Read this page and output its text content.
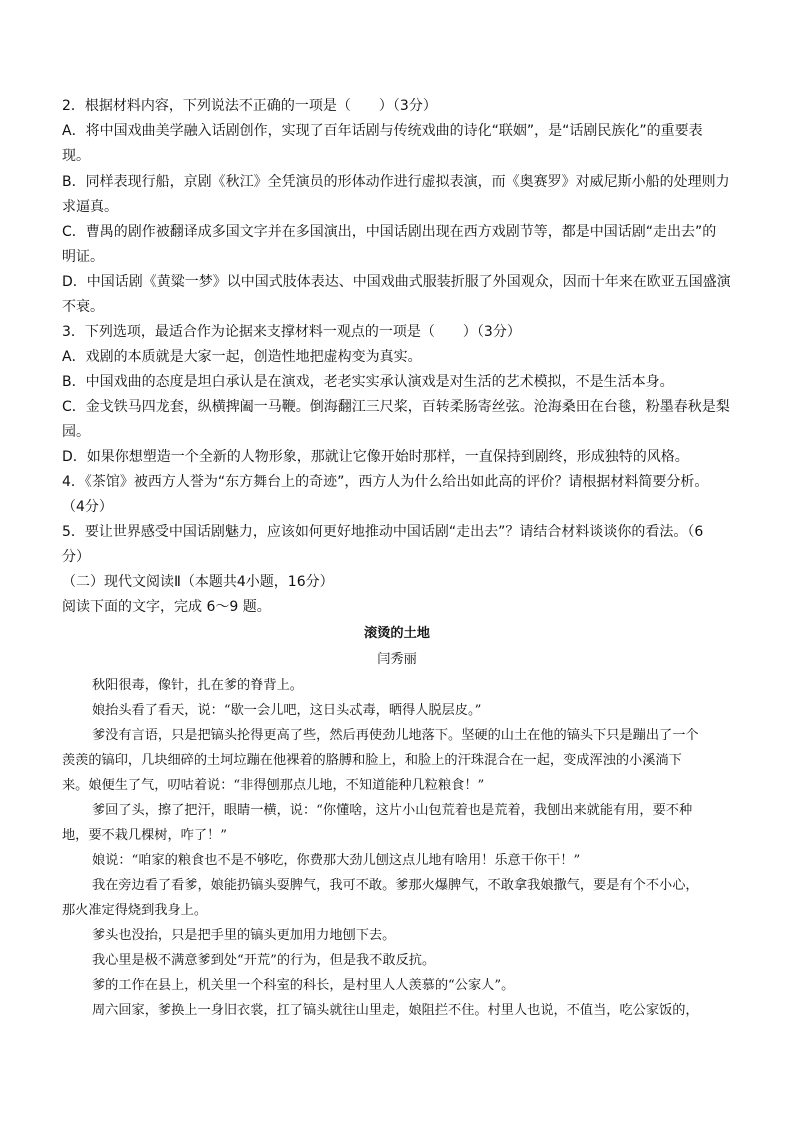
2．根据材料内容，下列说法不正确的一项是（　　）（3分）
A．将中国戏曲美学融入话剧创作，实现了百年话剧与传统戏曲的诗化“联姻”，是“话剧民族化”的重要表
现。
B．同样表现行船，京剧《秋江》全凭演员的形体动作进行虚拟表演，而《奥赛罗》对威尼斯小船的处理则力
求逼真。
C．曹禺的剧作被翻译成多国文字并在多国演出，中国话剧出现在西方戏剧节等，都是中国话剧“走出去”的
明证。
D．中国话剧《黄粱一梦》以中国式肢体表达、中国戏曲式服装折服了外国观众，因而十年来在欧亚五国盛演
不衰。
3．下列选项，最适合作为论据来支撑材料一观点的一项是（　　）（3分）
A．戏剧的本质就是大家一起，创造性地把虚构变为真实。
B．中国戏曲的态度是坦白承认是在演戏，老老实实承认演戏是对生活的艺术模拟，不是生活本身。
C．金戈铁马四龙套，纵横捭阖一马鞭。倒海翻江三尺桨，百转柔肠寄丝弦。沧海桑田在台毯，粉墨春秋是梨
园。
D．如果你想塑造一个全新的人物形象，那就让它像开始时那样，一直保持到剧终，形成独特的风格。
4．《茶馆》被西方人誉为“东方舞台上的奇迹”，西方人为什么给出如此高的评价？请根据材料简要分析。
（4分）
5．要让世界感受中国话剧魅力，应该如何更好地推动中国话剧“走出去”？请结合材料谈谈你的看法。（6
分）
（二）现代文阅读Ⅱ（本题共4小题，16分）
阅读下面的文字，完成 6～9 题。
滚烫的土地
闫秀丽
秋阳很毒，像针，扎在爹的脊背上。
娘抬头看了看天，说：“歇一会儿吧，这日头忒毒，晒得人脱层皮。”
爹没有言语，只是把镐头抡得更高了些，然后再使劲儿地落下。坚硬的山土在他的镐头下只是蹦出了一个
羡羡的镐印，几块细碎的土坷垃蹦在他裸着的胳膊和脸上，和脸上的汗珠混合在一起，变成浑浊的小溪淌下
来。娘便生了气，叨咕着说：“非得刨那点儿地，不知道能种几粒粮食！”
爹回了头，擦了把汗，眼睛一横，说：“你懂啥，这片小山包荒着也是荒着，我刨出来就能有用，要不种
地，要不栽几棵树，咋了！”
娘说：“咱家的粮食也不是不够吃，你费那大劲儿刨这点儿地有啥用！乐意干你干！”
我在旁边看了看爹，娘能扔镐头耍脾气，我可不敢。爹那火爆脾气，不敢拿我娘撒气，要是有个不小心，
那火准定得烧到我身上。
爹头也没抬，只是把手里的镐头更加用力地刨下去。
我心里是极不满意爹到处“开荒”的行为，但是我不敢反抗。
爹的工作在县上，机关里一个科室的科长，是村里人人羡慕的“公家人”。
周六回家，爹换上一身旧衣裳，扛了镐头就往山里走，娘阻拦不住。村里人也说，不值当，吃公家饭的，
